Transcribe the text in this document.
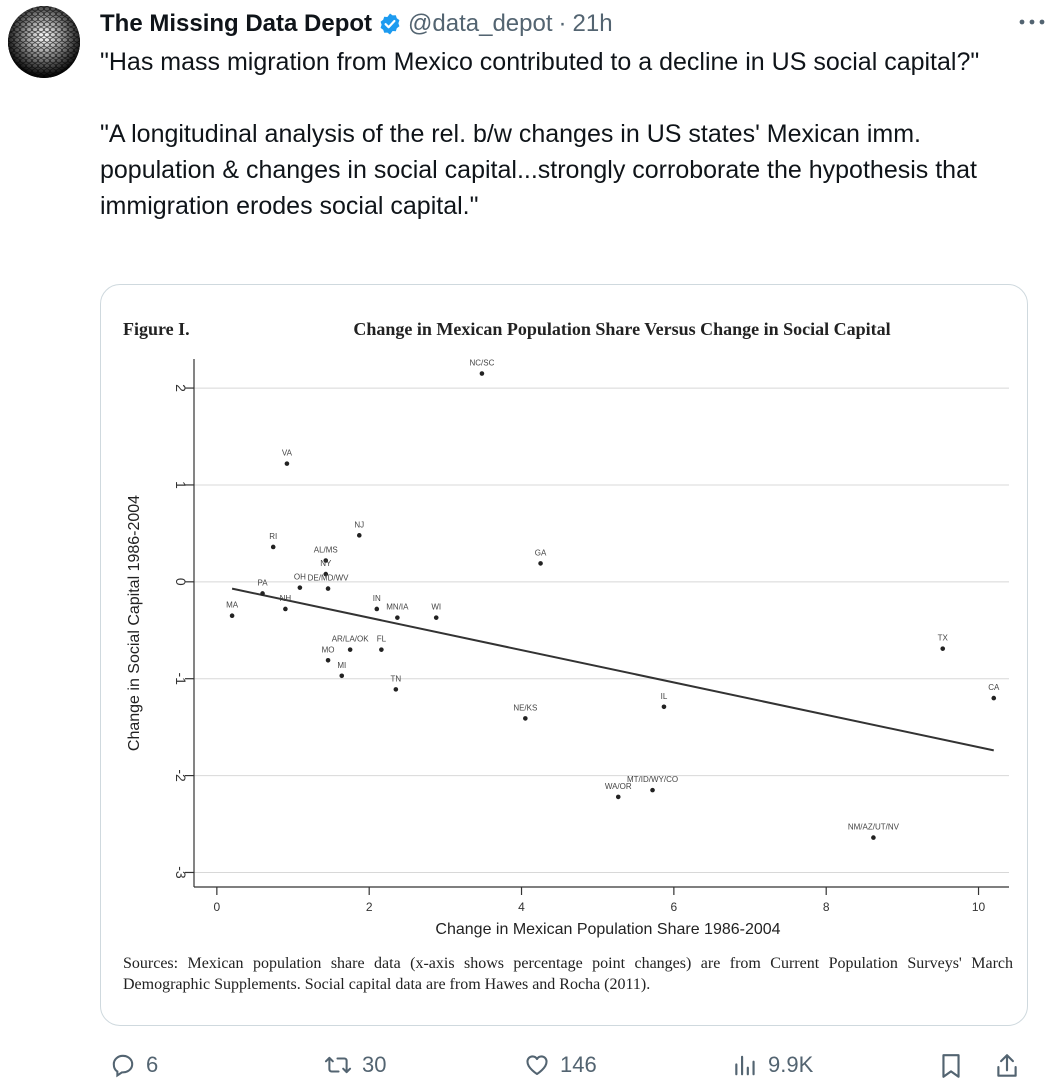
The Missing Data Depot @data_depot · 21h

"Has mass migration from Mexico contributed to a decline in US social capital?"

"A longitudinal analysis of the rel. b/w changes in US states' Mexican imm. population & changes in social capital...strongly corroborate the hypothesis that immigration erodes social capital."

Figure I.	Change in Mexican Population Share Versus Change in Social Capital
2
1
0
-1
-2
-3
0	2	4	6	8	10
NC/SC
VA
NJ
RI
AL/MS
NY
GA
OH DE/MD/WV
PA
MA
NH	IN
MN/IA	WI
AR/LA/OK FL
MO
MI
TN
NE/KS
IL
TX
CA
WA/OR
MT/ID/WY/CO
NM/AZ/UT/NV
Change in Mexican Population Share 1986-2004
Change in Social Capital 1986-2004
Sources: Mexican population share data (x-axis shows percentage point changes) are from Current Population Surveys' March Demographic Supplements. Social capital data are from Hawes and Rocha (2011).
6	30	146	9.9K
